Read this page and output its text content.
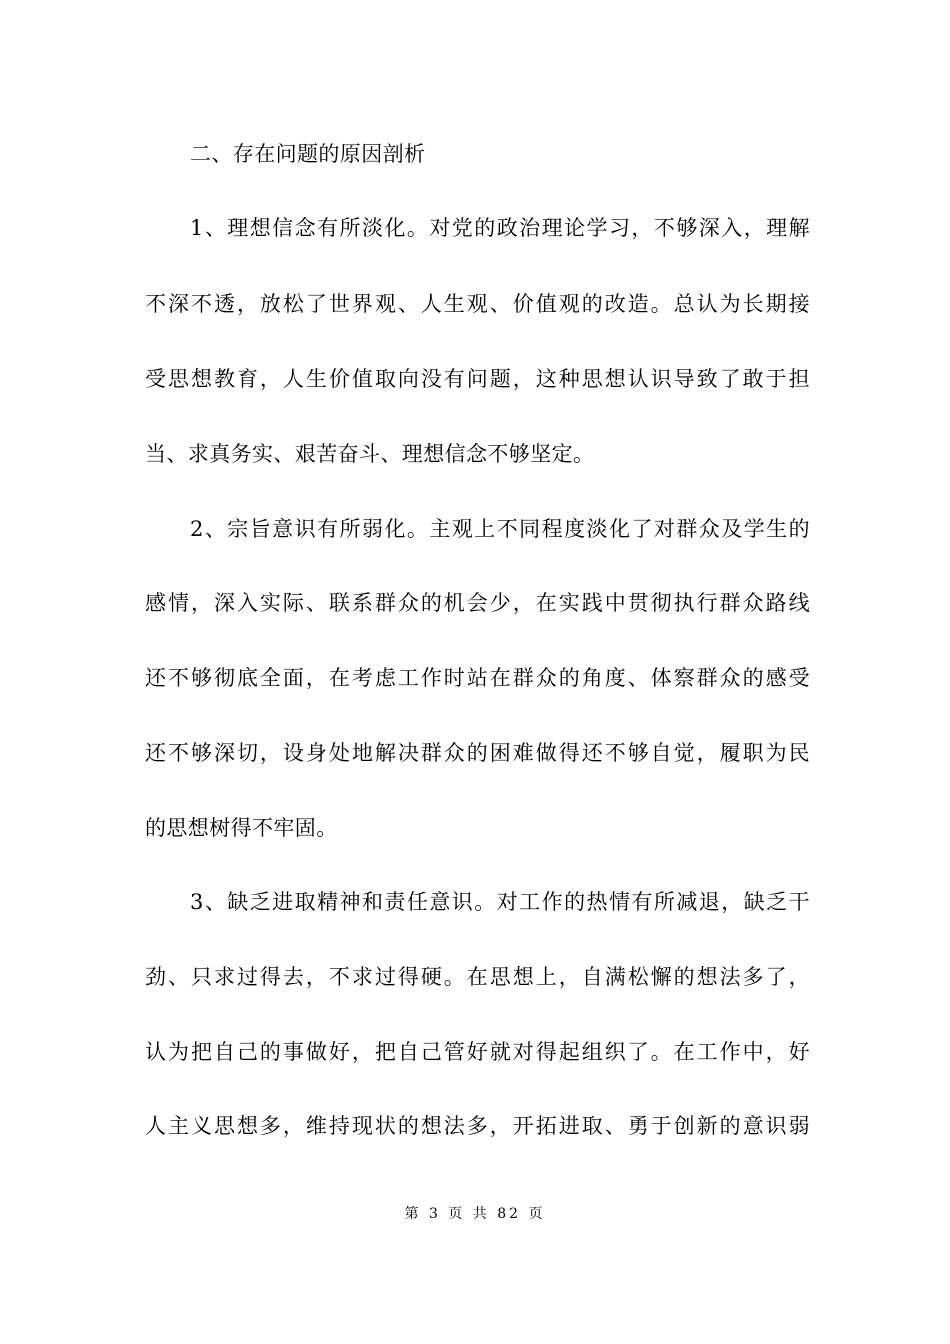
二、存在问题的原因剖析
1、理想信念有所淡化。对党的政治理论学习，不够深入，理解
不深不透，放松了世界观、人生观、价值观的改造。总认为长期接
受思想教育，人生价值取向没有问题，这种思想认识导致了敢于担
当、求真务实、艰苦奋斗、理想信念不够坚定。
2、宗旨意识有所弱化。主观上不同程度淡化了对群众及学生的
感情，深入实际、联系群众的机会少，在实践中贯彻执行群众路线
还不够彻底全面，在考虑工作时站在群众的角度、体察群众的感受
还不够深切，设身处地解决群众的困难做得还不够自觉，履职为民
的思想树得不牢固。
3、缺乏进取精神和责任意识。对工作的热情有所减退，缺乏干
劲、只求过得去，不求过得硬。在思想上，自满松懈的想法多了，
认为把自己的事做好，把自己管好就对得起组织了。在工作中，好
人主义思想多，维持现状的想法多，开拓进取、勇于创新的意识弱
第 3 页 共 82 页
